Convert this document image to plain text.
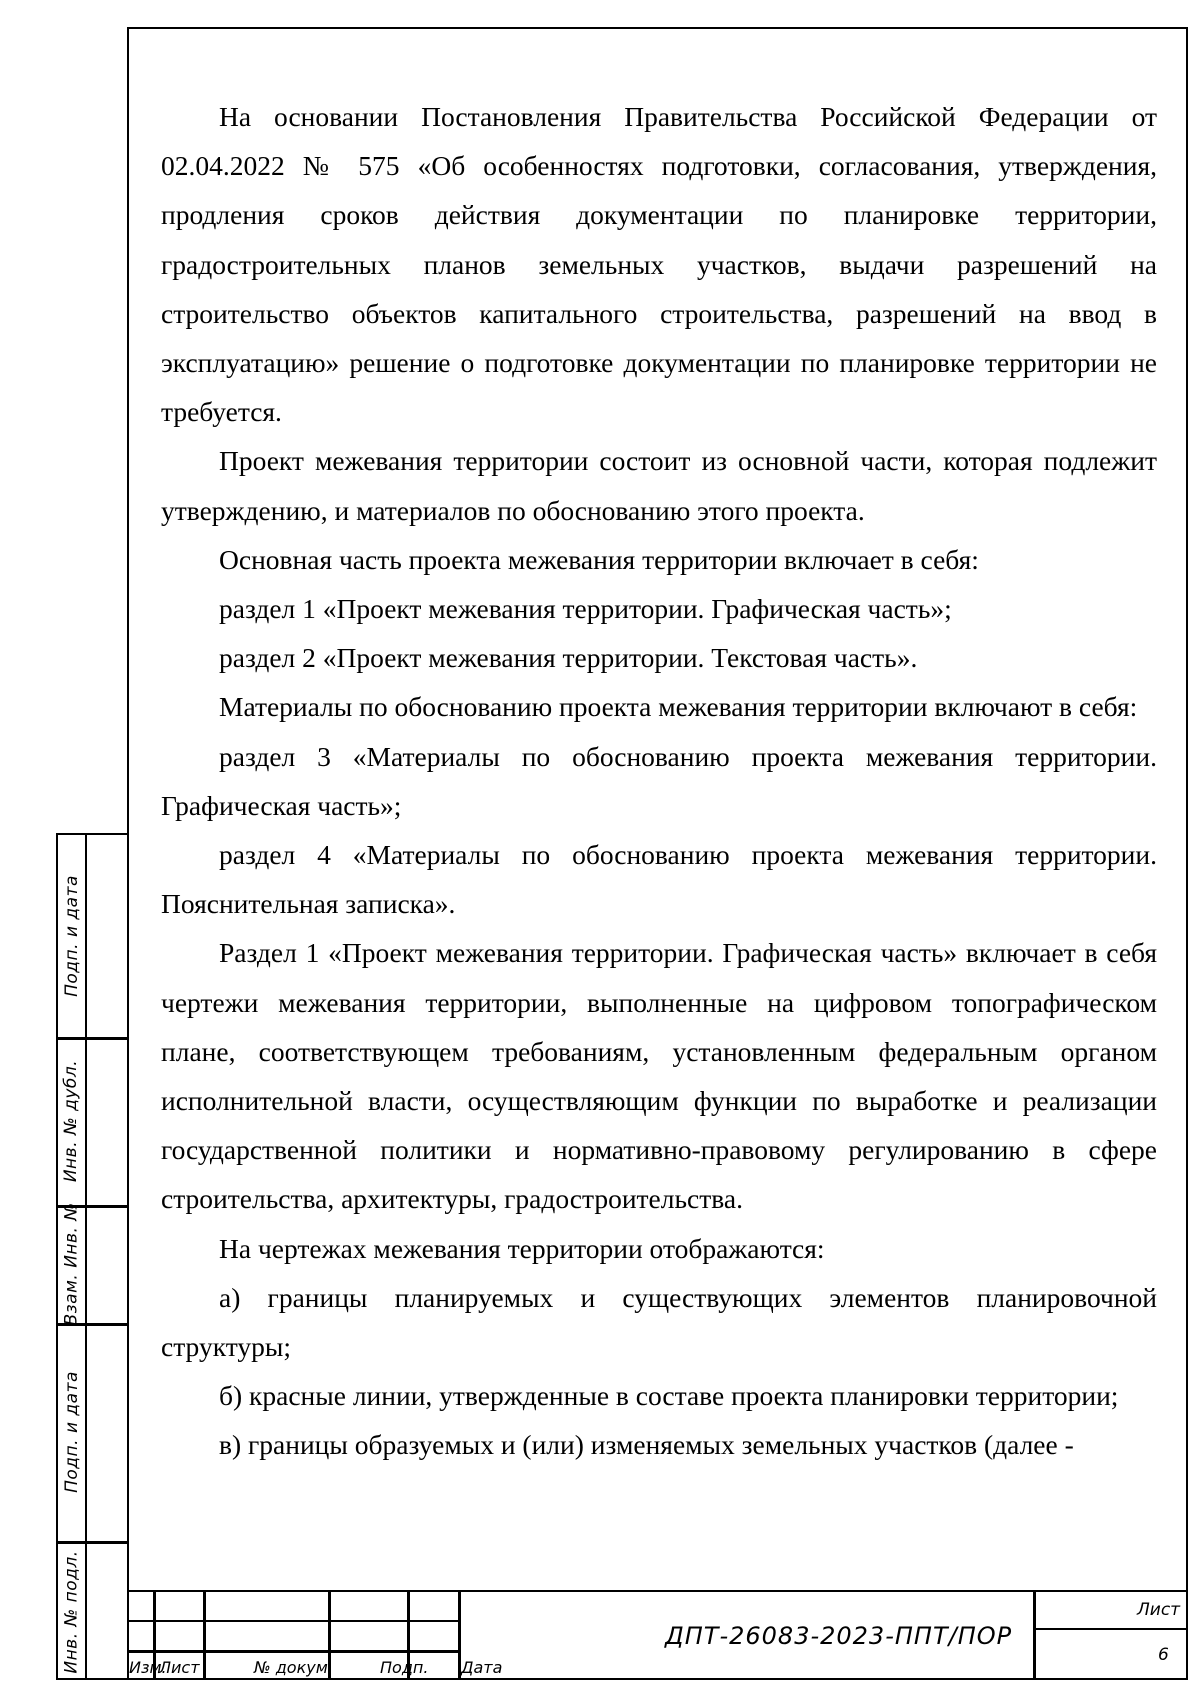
На основании Постановления Правительства Российской Федерации от 02.04.2022 № 575 «Об особенностях подготовки, согласования, утверждения, продления сроков действия документации по планировке территории, градостроительных планов земельных участков, выдачи разрешений на строительство объектов капитального строительства, разрешений на ввод в эксплуатацию» решение о подготовке документации по планировке территории не требуется.

Проект межевания территории состоит из основной части, которая подлежит утверждению, и материалов по обоснованию этого проекта.

Основная часть проекта межевания территории включает в себя:

раздел 1 «Проект межевания территории. Графическая часть»;

раздел 2 «Проект межевания территории. Текстовая часть».

Материалы по обоснованию проекта межевания территории включают в себя:

раздел 3 «Материалы по обоснованию проекта межевания территории. Графическая часть»;

раздел 4 «Материалы по обоснованию проекта межевания территории. Пояснительная записка».

Раздел 1 «Проект межевания территории. Графическая часть» включает в себя чертежи межевания территории, выполненные на цифровом топографическом плане, соответствующем требованиям, установленным федеральным органом исполнительной власти, осуществляющим функции по выработке и реализации государственной политики и нормативно-правовому регулированию в сфере строительства, архитектуры, градостроительства.

На чертежах межевания территории отображаются:

а) границы планируемых и существующих элементов планировочной структуры;

б) красные линии, утвержденные в составе проекта планировки территории;

в) границы образуемых и (или) изменяемых земельных участков (далее -

Подп. и дата
Инв. № дубл.
Взам. Инв. №
Подп. и дата
Инв. № подл.	Изм.
Лист	№ докум.	Подп. Дата
ДПТ-26083-2023-ППТ/ПОР
Лист
6
